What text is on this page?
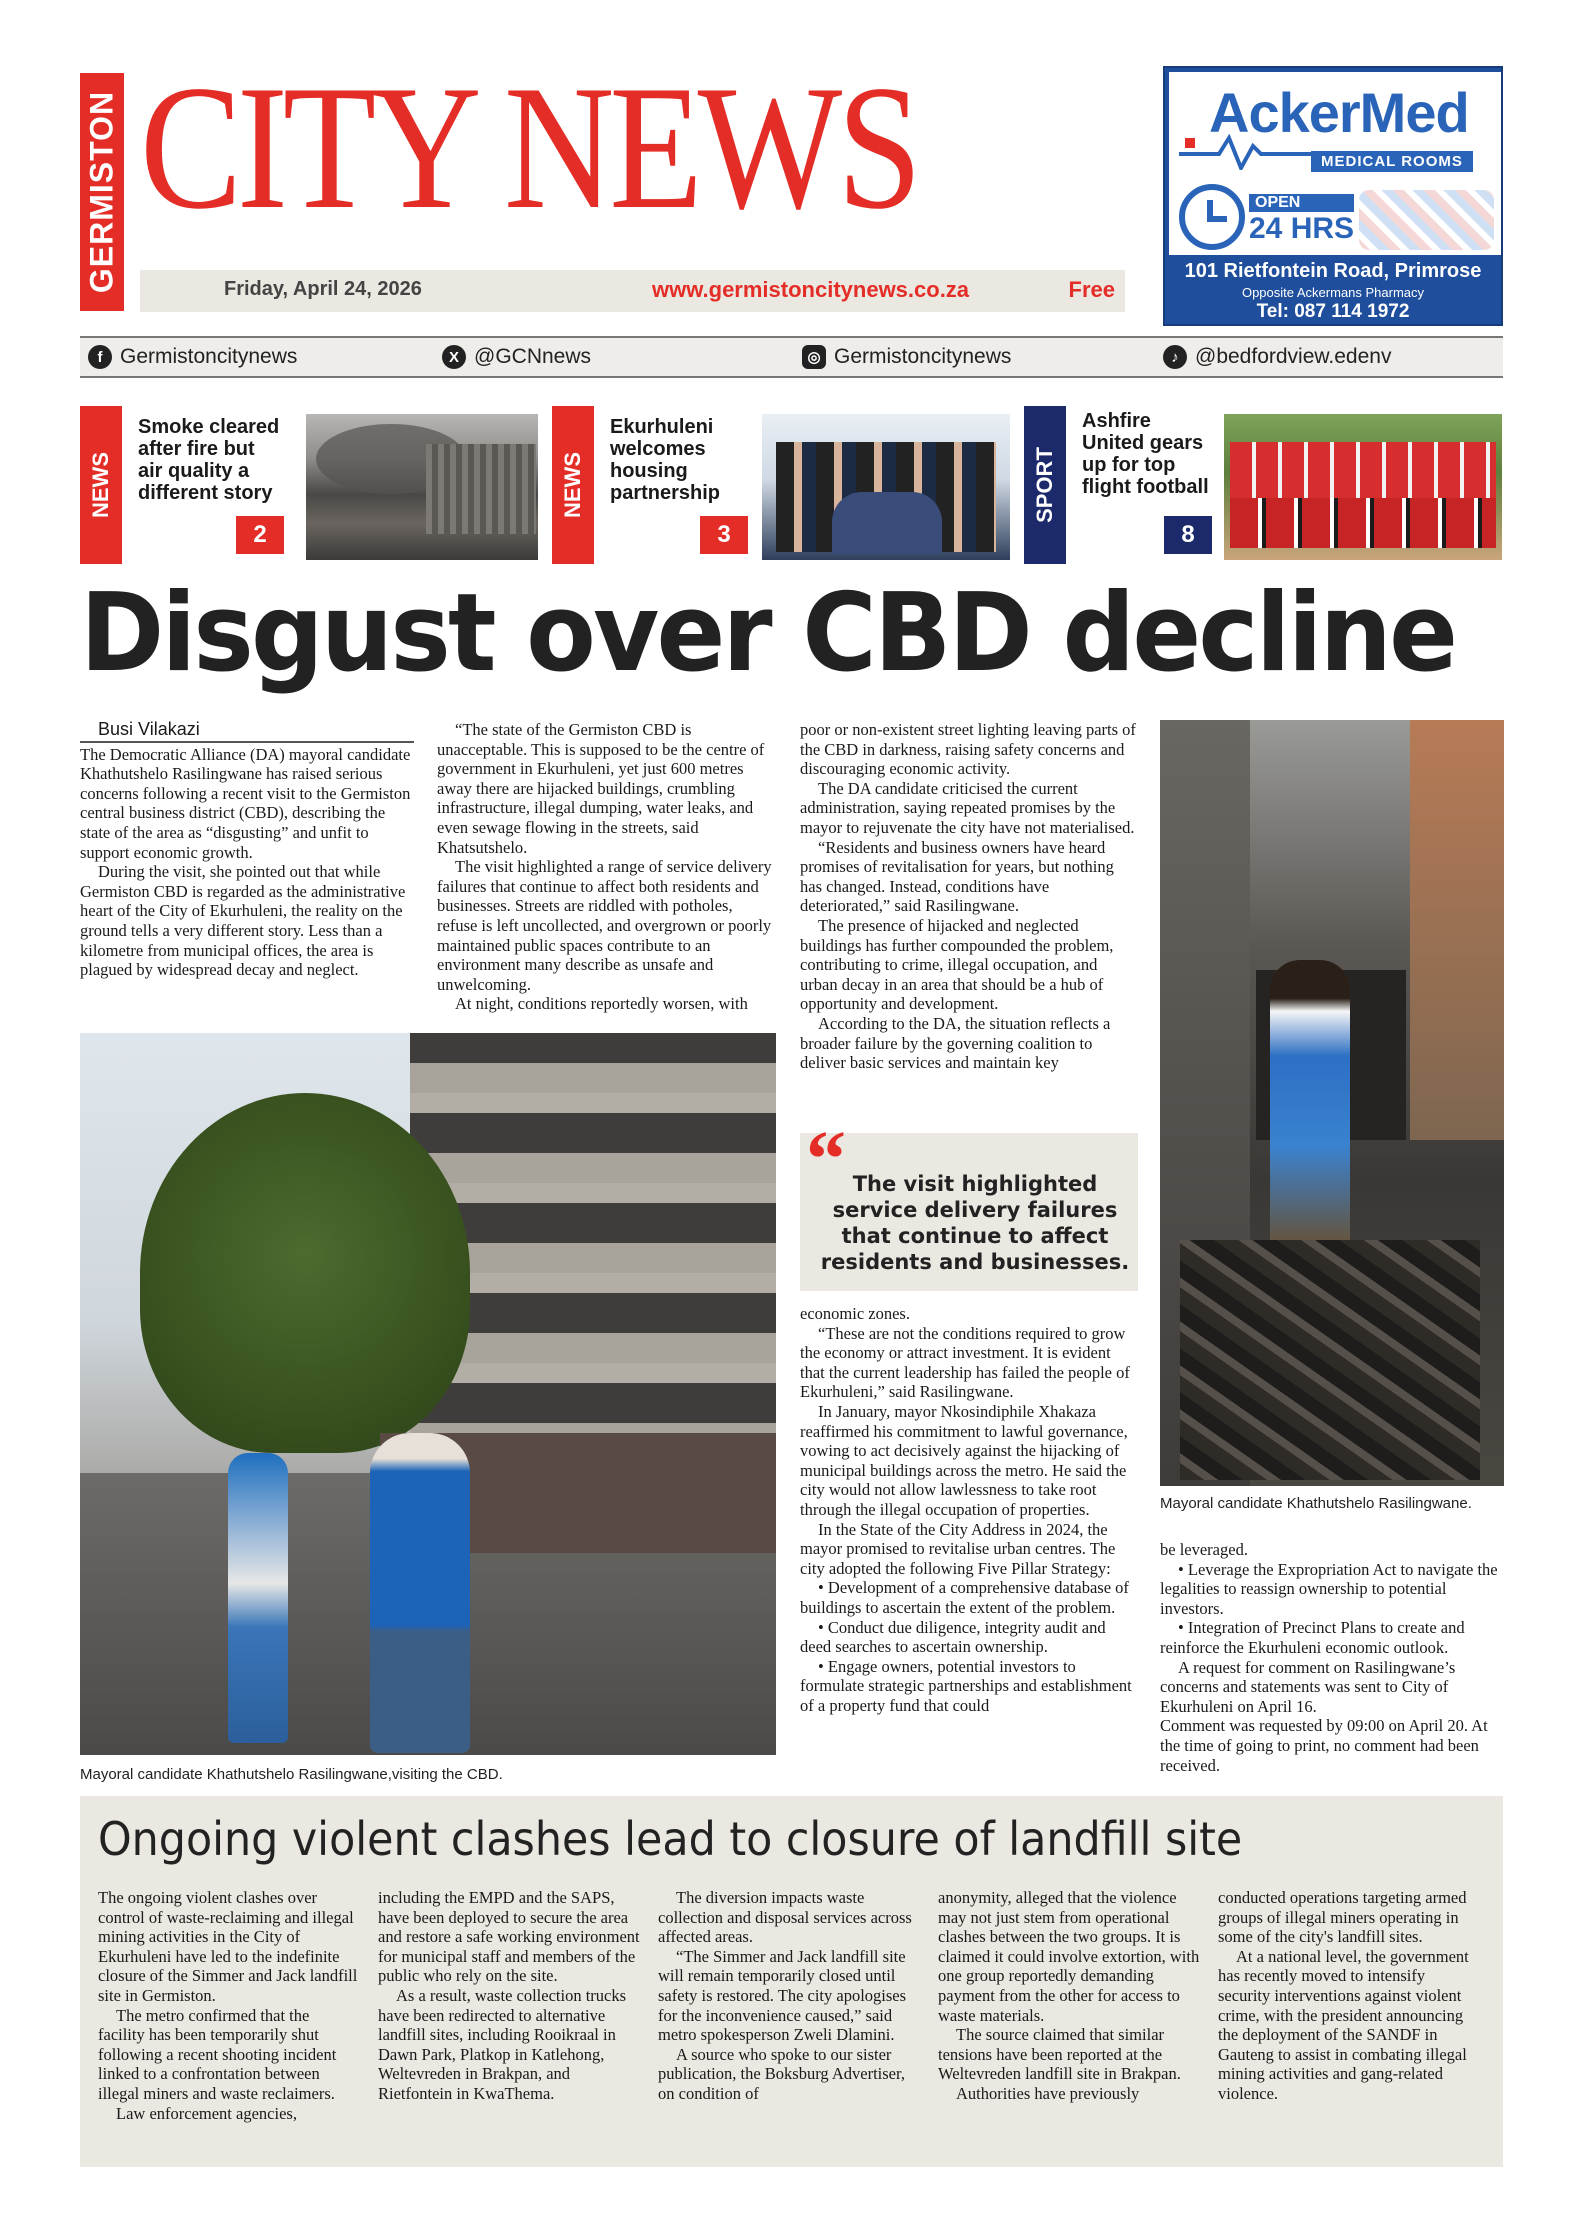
GERMISTON CITY NEWS
Friday, April 24, 2026	www.germistoncitynews.co.za	Free
AckerMed
MEDICAL ROOMS
OPEN
24 HRS
101 Rietfontein Road, Primrose
Opposite Ackermans Pharmacy
Tel: 087 114 1972
f Germistoncitynews	X @GCNnews	◎ Germistoncitynews	♪ @bedfordview.edenv
NEWS
Smoke cleared
after fire but
air quality a
different story
2
NEWS
Ekurhuleni
welcomes
housing
partnership
3
SPORT
Ashfire
United gears
up for top
flight football
8
Disgust over CBD decline

Busi Vilakazi

The Democratic Alliance (DA) mayoral candidate Khathutshelo Rasilingwane has raised serious concerns following a recent visit to the Germiston central business district (CBD), describing the state of the area as “disgusting” and unfit to support economic growth.

During the visit, she pointed out that while Germiston CBD is regarded as the administrative heart of the City of Ekurhuleni, the reality on the ground tells a very different story. Less than a kilometre from municipal offices, the area is plagued by widespread decay and neglect.

“The state of the Germiston CBD is unacceptable. This is supposed to be the centre of government in Ekurhuleni, yet just 600 metres away there are hijacked buildings, crumbling infrastructure, illegal dumping, water leaks, and even sewage flowing in the streets, said Khatsutshelo.

The visit highlighted a range of service delivery failures that continue to affect both residents and businesses. Streets are riddled with potholes, refuse is left uncollected, and overgrown or poorly maintained public spaces contribute to an environment many describe as unsafe and unwelcoming.

At night, conditions reportedly worsen, with

poor or non-existent street lighting leaving parts of the CBD in darkness, raising safety concerns and discouraging economic activity.

The DA candidate criticised the current administration, saying repeated promises by the mayor to rejuvenate the city have not materialised.

“Residents and business owners have heard promises of revitalisation for years, but nothing has changed. Instead, conditions have deteriorated,” said Rasilingwane.

The presence of hijacked and neglected buildings has further compounded the problem, contributing to crime, illegal occupation, and urban decay in an area that should be a hub of opportunity and development.

According to the DA, the situation reflects a broader failure by the governing coalition to deliver basic services and maintain key

“ The visit highlighted service delivery failures that continue to affect residents and businesses.

economic zones.

“These are not the conditions required to grow the economy or attract investment. It is evident that the current leadership has failed the people of Ekurhuleni,” said Rasilingwane.

In January, mayor Nkosindiphile Xhakaza reaffirmed his commitment to lawful governance, vowing to act decisively against the hijacking of municipal buildings across the metro. He said the city would not allow lawlessness to take root through the illegal occupation of properties.

In the State of the City Address in 2024, the mayor promised to revitalise urban centres. The city adopted the following Five Pillar Strategy:

• Development of a comprehensive database of buildings to ascertain the extent of the problem.

• Conduct due diligence, integrity audit and deed searches to ascertain ownership.

• Engage owners, potential investors to formulate strategic partnerships and establishment of a property fund that could

be leveraged.

• Leverage the Expropriation Act to navigate the legalities to reassign ownership to potential investors.

• Integration of Precinct Plans to create and reinforce the Ekurhuleni economic outlook.

A request for comment on Rasilingwane’s concerns and statements was sent to City of Ekurhuleni on April 16.

Comment was requested by 09:00 on April 20. At the time of going to print, no comment had been received.

Mayoral candidate Khathutshelo Rasilingwane,visiting the CBD.
Mayoral candidate Khathutshelo Rasilingwane.
Ongoing violent clashes lead to closure of landfill site

The ongoing violent clashes over control of waste-reclaiming and illegal mining activities in the City of Ekurhuleni have led to the indefinite closure of the Simmer and Jack landfill site in Germiston.

The metro confirmed that the facility has been temporarily shut following a recent shooting incident linked to a confrontation between illegal miners and waste reclaimers.

Law enforcement agencies,

including the EMPD and the SAPS, have been deployed to secure the area and restore a safe working environment for municipal staff and members of the public who rely on the site.

As a result, waste collection trucks have been redirected to alternative landfill sites, including Rooikraal in Dawn Park, Platkop in Katlehong, Weltevreden in Brakpan, and Rietfontein in KwaThema.

The diversion impacts waste collection and disposal services across affected areas.

“The Simmer and Jack landfill site will remain temporarily closed until safety is restored. The city apologises for the inconvenience caused,” said metro spokesperson Zweli Dlamini.

A source who spoke to our sister publication, the Boksburg Advertiser, on condition of

anonymity, alleged that the violence may not just stem from operational clashes between the two groups. It is claimed it could involve extortion, with one group reportedly demanding payment from the other for access to waste materials.

The source claimed that similar tensions have been reported at the Weltevreden landfill site in Brakpan.

Authorities have previously

conducted operations targeting armed groups of illegal miners operating in some of the city's landfill sites.

At a national level, the government has recently moved to intensify security interventions against violent crime, with the president announcing the deployment of the SANDF in Gauteng to assist in combating illegal mining activities and gang-related violence.
